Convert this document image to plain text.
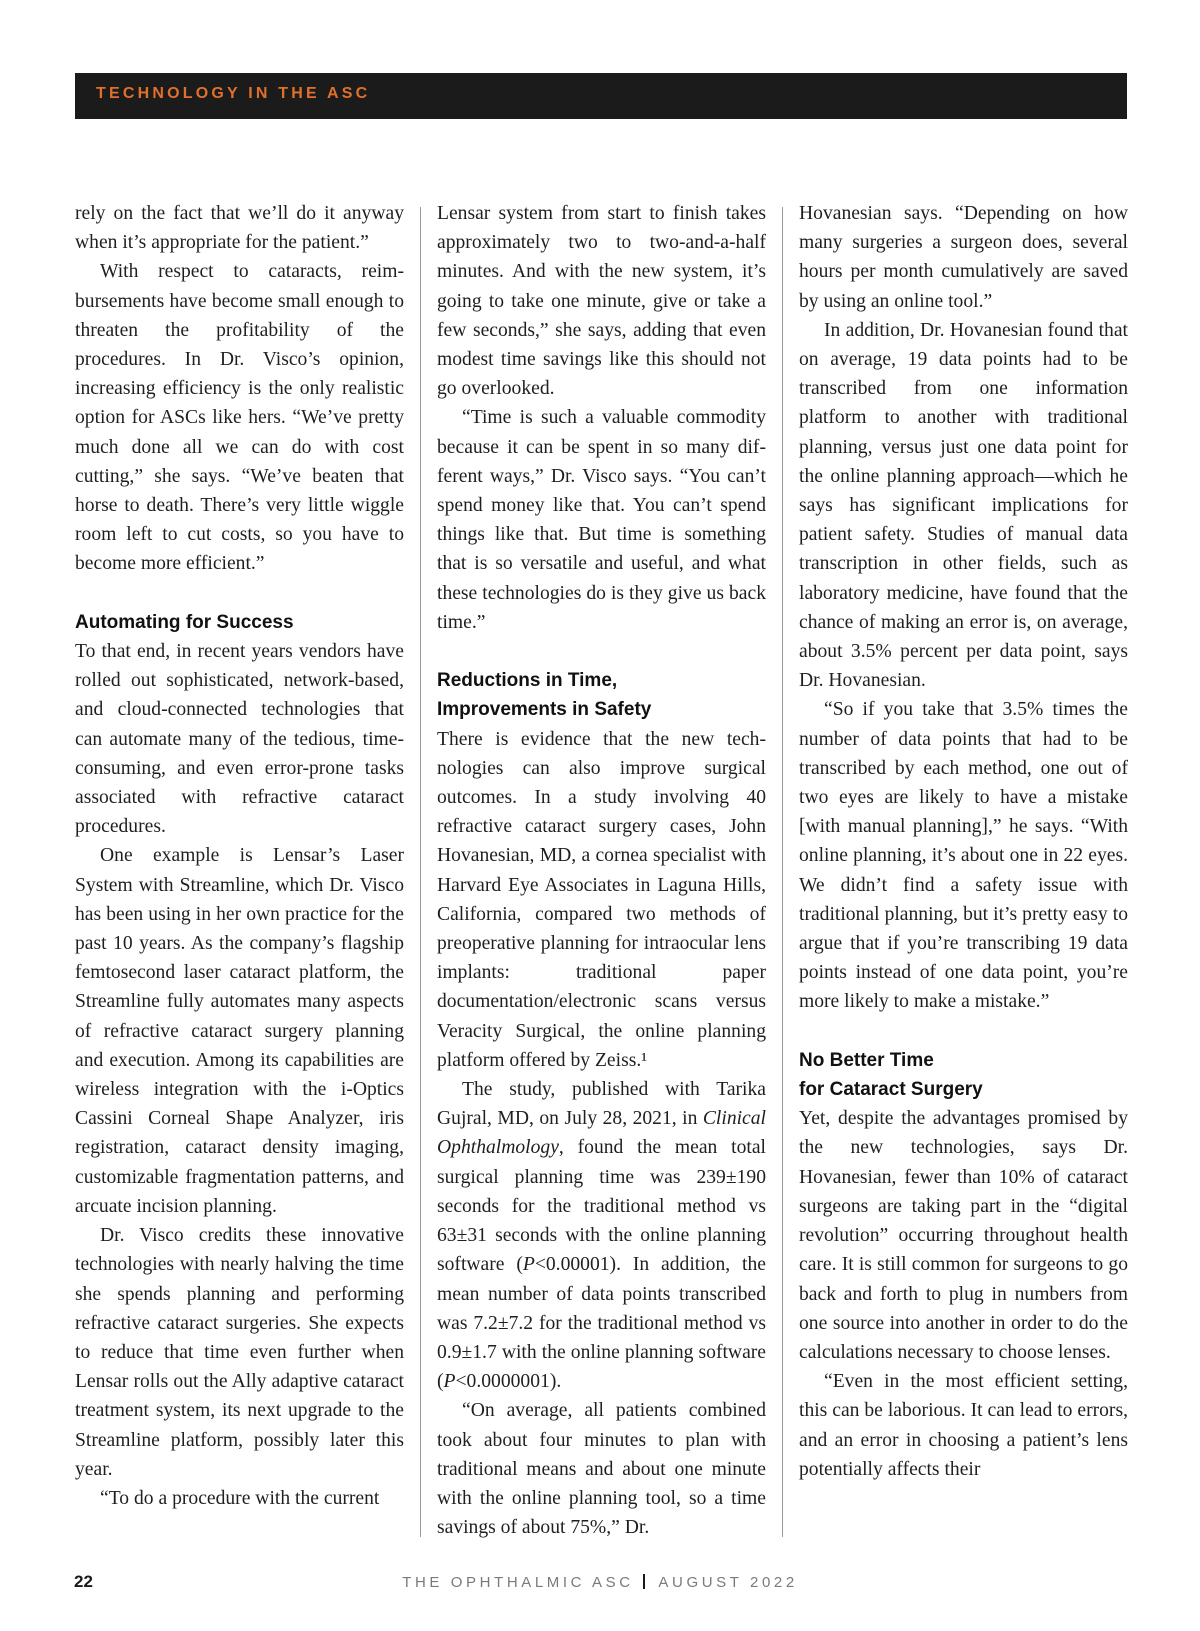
TECHNOLOGY IN THE ASC

rely on the fact that we’ll do it anyway when it’s appropriate for the patient.”

With respect to cataracts, reimbursements have become small enough to threaten the profitability of the procedures. In Dr. Visco’s opinion, increasing efficiency is the only realistic option for ASCs like hers. “We’ve pretty much done all we can do with cost cutting,” she says. “We’ve beaten that horse to death. There’s very little wiggle room left to cut costs, so you have to become more efficient.”

Automating for Success

To that end, in recent years vendors have rolled out sophisticated, network-based, and cloud-connected technologies that can automate many of the tedious, time-consuming, and even error-prone tasks associated with refractive cataract procedures.

One example is Lensar’s Laser System with Streamline, which Dr. Visco has been using in her own practice for the past 10 years. As the company’s flagship femtosecond laser cataract platform, the Streamline fully automates many aspects of refractive cataract surgery planning and execution. Among its capabilities are wireless integration with the i-Optics Cassini Corneal Shape Analyzer, iris registration, cataract density imaging, customizable fragmentation patterns, and arcuate incision planning.

Dr. Visco credits these innovative technologies with nearly halving the time she spends planning and performing refractive cataract surgeries. She expects to reduce that time even further when Lensar rolls out the Ally adaptive cataract treatment system, its next upgrade to the Streamline platform, possibly later this year.

“To do a procedure with the current

Lensar system from start to finish takes approximately two to two-and-a-half minutes. And with the new system, it’s going to take one minute, give or take a few seconds,” she says, adding that even modest time savings like this should not go overlooked.

“Time is such a valuable commodity because it can be spent in so many different ways,” Dr. Visco says. “You can’t spend money like that. You can’t spend things like that. But time is something that is so versatile and useful, and what these technologies do is they give us back time.”

Reductions in Time,
Improvements in Safety

There is evidence that the new technologies can also improve surgical outcomes. In a study involving 40 refractive cataract surgery cases, John Hovanesian, MD, a cornea specialist with Harvard Eye Associates in Laguna Hills, California, compared two methods of preoperative planning for intraocular lens implants: traditional paper documentation/electronic scans versus Veracity Surgical, the online planning platform offered by Zeiss.¹

The study, published with Tarika Gujral, MD, on July 28, 2021, in Clinical Ophthalmology, found the mean total surgical planning time was 239±190 seconds for the traditional method vs 63±31 seconds with the online planning software (P<0.00001). In addition, the mean number of data points transcribed was 7.2±7.2 for the traditional method vs 0.9±1.7 with the online planning software (P<0.0000001).

“On average, all patients combined took about four minutes to plan with traditional means and about one minute with the online planning tool, so a time savings of about 75%,” Dr.

Hovanesian says. “Depending on how many surgeries a surgeon does, several hours per month cumulatively are saved by using an online tool.”

In addition, Dr. Hovanesian found that on average, 19 data points had to be transcribed from one information platform to another with traditional planning, versus just one data point for the online planning approach—which he says has significant implications for patient safety. Studies of manual data transcription in other fields, such as laboratory medicine, have found that the chance of making an error is, on average, about 3.5% percent per data point, says Dr. Hovanesian.

“So if you take that 3.5% times the number of data points that had to be transcribed by each method, one out of two eyes are likely to have a mistake [with manual planning],” he says. “With online planning, it’s about one in 22 eyes. We didn’t find a safety issue with traditional planning, but it’s pretty easy to argue that if you’re transcribing 19 data points instead of one data point, you’re more likely to make a mistake.”

No Better Time
for Cataract Surgery

Yet, despite the advantages promised by the new technologies, says Dr. Hovanesian, fewer than 10% of cataract surgeons are taking part in the “digital revolution” occurring throughout health care. It is still common for surgeons to go back and forth to plug in numbers from one source into another in order to do the calculations necessary to choose lenses.

“Even in the most efficient setting, this can be laborious. It can lead to errors, and an error in choosing a patient’s lens potentially affects their

22	THE OPHTHALMIC ASC AUGUST 2022
